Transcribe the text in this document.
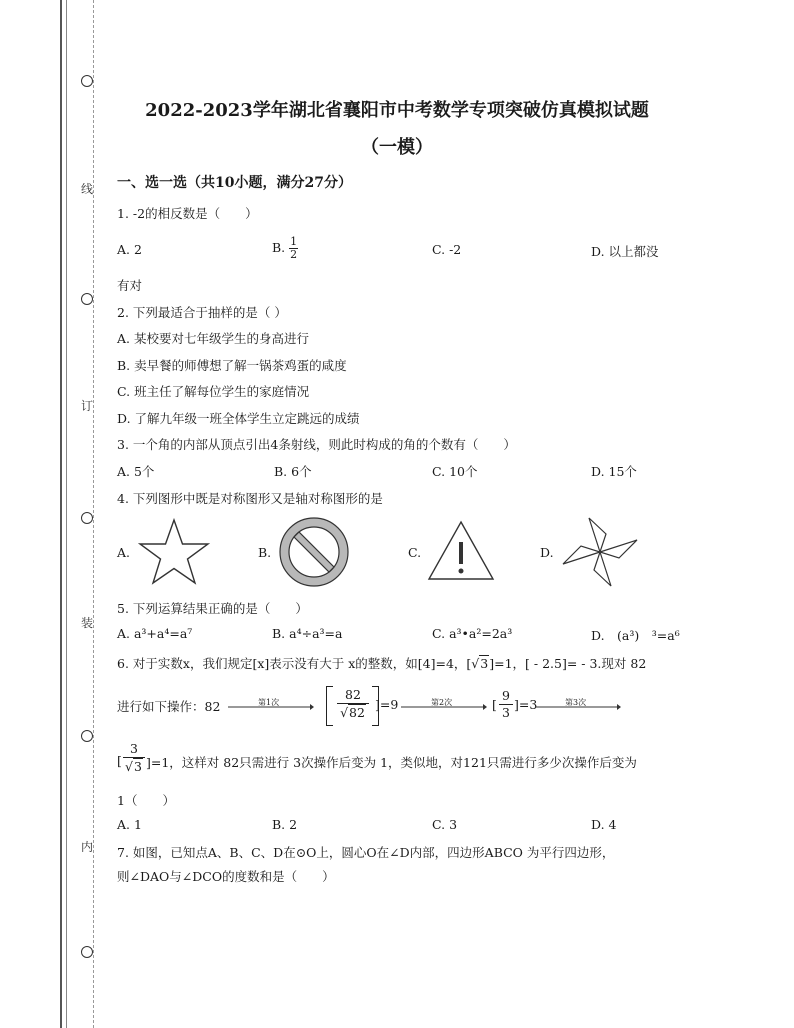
线
订
装
内
2022-2023学年湖北省襄阳市中考数学专项突破仿真模拟试题
（一模）
一、选一选（共10小题，满分27分）
1. -2的相反数是（　　）
A. 2	B. $\frac{1}{2}$	C. -2	D. 以上都没
有对
2. 下列最适合于抽样的是（ ）
A. 某校要对七年级学生的身高进行
B. 卖早餐的师傅想了解一锅茶鸡蛋的咸度
C. 班主任了解每位学生的家庭情况
D. 了解九年级一班全体学生立定跳远的成绩
3. 一个角的内部从顶点引出4条射线，则此时构成的角的个数有（　　）
A. 5个	B. 6个	C. 10个	D. 15个
4. 下列图形中既是对称图形又是轴对称图形的是
A.	B.	C.	D.
5. 下列运算结果正确的是（　　）
A. a³+a⁴=a⁷	B. a⁴÷a³=a	C. a³•a²=2a³	D.　(a³)　³=a⁶
6. 对于实数x，我们规定[x]表示没有大于 x的整数，如[4]=4，[√3]=1，[ - 2.5]= - 3.现对 82
进行如下操作：82	第1次	$\frac{82}{√82} ]=9$	第2次	[ $\frac{9}{3} ]=3$	第3次
[ $\frac{3}{√3} ]=1$，这样对 82只需进行 3次操作后变为 1，类似地，对121只需进行多少次操作后变为
1（　　）
A. 1	B. 2	C. 3	D. 4
7. 如图，已知点A、B、C、D在⊙O上，圆心O在∠D内部，四边形ABCO 为平行四边形，
则∠DAO与∠DCO的度数和是（　　）
